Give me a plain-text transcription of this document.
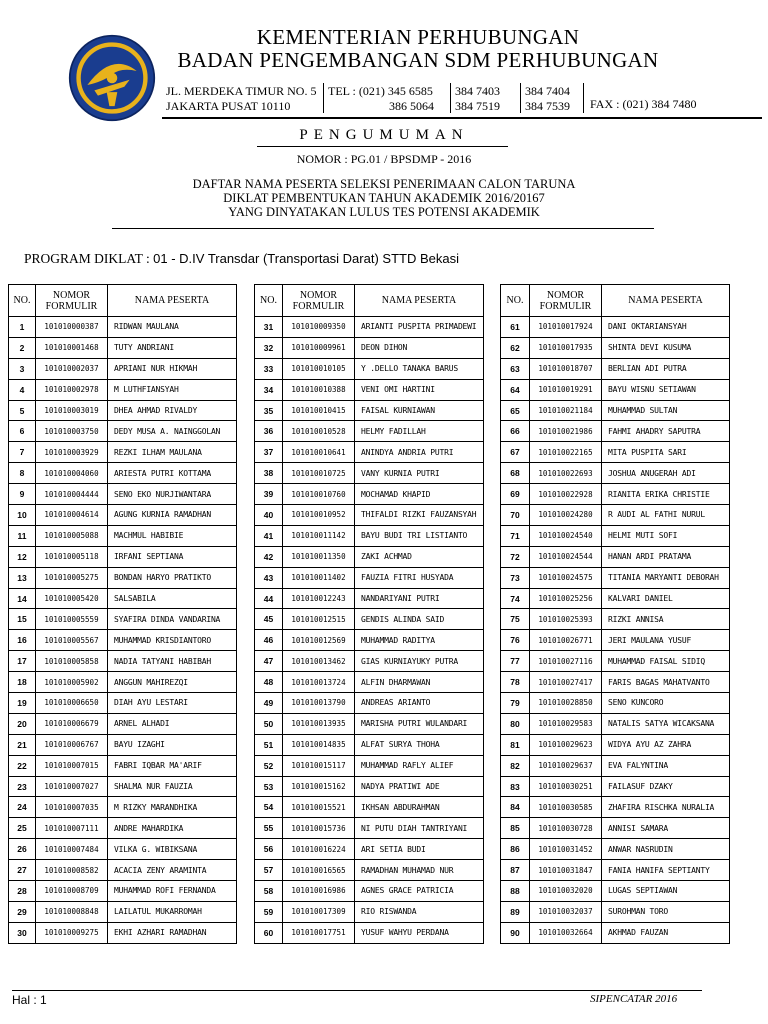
KEMENTERIAN PERHUBUNGAN
BADAN PENGEMBANGAN SDM PERHUBUNGAN
JL. MERDEKA TIMUR NO. 5
JAKARTA PUSAT 10110
TEL : (021) 345 6585
386 5064
384 7403
384 7519
384 7404
384 7539 FAX : (021) 384 7480
PENGUMUMAN
NOMOR : PG.01 / BPSDMP - 2016
DAFTAR NAMA PESERTA SELEKSI PENERIMAAN CALON TARUNA
DIKLAT PEMBENTUKAN TAHUN AKADEMIK 2016/20167
YANG DINYATAKAN LULUS TES POTENSI AKADEMIK
PROGRAM DIKLAT : 01 - D.IV Transdar (Transportasi Darat) STTD Bekasi
NO.	NOMOR
FORMULIR	NAMA PESERTA
1	101010000387	RIDWAN MAULANA
2	101010001468	TUTY ANDRIANI
3	101010002037	APRIANI NUR HIKMAH
4	101010002978	M LUTHFIANSYAH
5	101010003019	DHEA AHMAD RIVALDY
6	101010003750	DEDY MUSA A. NAINGGOLAN
7	101010003929	REZKI ILHAM MAULANA
8	101010004060	ARIESTA PUTRI KOTTAMA
9	101010004444	SENO EKO NURJIWANTARA
10	101010004614	AGUNG KURNIA RAMADHAN
11	101010005088	MACHMUL HABIBIE
12	101010005118	IRFANI SEPTIANA
13	101010005275	BONDAN HARYO PRATIKTO
14	101010005420	SALSABILA
15	101010005559	SYAFIRA DINDA VANDARINA
16	101010005567	MUHAMMAD KRISDIANTORO
17	101010005858	NADIA TATYANI HABIBAH
18	101010005902	ANGGUN MAHIREZQI
19	101010006650	DIAH AYU LESTARI
20	101010006679	ARNEL ALHADI
21	101010006767	BAYU IZAGHI
22	101010007015	FABRI IQBAR MA'ARIF
23	101010007027	SHALMA NUR FAUZIA
24	101010007035	M RIZKY MARANDHIKA
25	101010007111	ANDRE MAHARDIKA
26	101010007484	VILKA G. WIBIKSANA
27	101010008582	ACACIA ZENY ARAMINTA
28	101010008709	MUHAMMAD ROFI FERNANDA
29	101010008848	LAILATUL MUKARROMAH
30	101010009275	EKHI AZHARI RAMADHAN
NO.	NOMOR
FORMULIR	NAMA PESERTA
31	101010009350	ARIANTI PUSPITA PRIMADEWI
32	101010009961	DEON DIHON
33	101010010105	Y .DELLO TANAKA BARUS
34	101010010388	VENI OMI HARTINI
35	101010010415	FAISAL KURNIAWAN
36	101010010528	HELMY FADILLAH
37	101010010641	ANINDYA ANDRIA PUTRI
38	101010010725	VANY KURNIA PUTRI
39	101010010760	MOCHAMAD KHAPID
40	101010010952	THIFALDI RIZKI FAUZANSYAH
41	101010011142	BAYU BUDI TRI LISTIANTO
42	101010011350	ZAKI ACHMAD
43	101010011402	FAUZIA FITRI HUSYADA
44	101010012243	NANDARIYANI PUTRI
45	101010012515	GENDIS ALINDA SAID
46	101010012569	MUHAMMAD RADITYA
47	101010013462	GIAS KURNIAYUKY PUTRA
48	101010013724	ALFIN DHARMAWAN
49	101010013790	ANDREAS ARIANTO
50	101010013935	MARISHA PUTRI WULANDARI
51	101010014835	ALFAT SURYA THOHA
52	101010015117	MUHAMMAD RAFLY ALIEF
53	101010015162	NADYA PRATIWI ADE
54	101010015521	IKHSAN ABDURAHMAN
55	101010015736	NI PUTU DIAH TANTRIYANI
56	101010016224	ARI SETIA BUDI
57	101010016565	RAMADHAN MUHAMAD NUR
58	101010016986	AGNES GRACE PATRICIA
59	101010017309	RIO RISWANDA
60	101010017751	YUSUF WAHYU PERDANA
NO.	NOMOR
FORMULIR	NAMA PESERTA
61	101010017924	DANI OKTARIANSYAH
62	101010017935	SHINTA DEVI KUSUMA
63	101010018707	BERLIAN ADI PUTRA
64	101010019291	BAYU WISNU SETIAWAN
65	101010021184	MUHAMMAD SULTAN
66	101010021986	FAHMI AHADRY SAPUTRA
67	101010022165	MITA PUSPITA SARI
68	101010022693	JOSHUA ANUGERAH ADI
69	101010022928	RIANITA ERIKA CHRISTIE
70	101010024280	R AUDI AL FATHI NURUL
71	101010024540	HELMI MUTI SOFI
72	101010024544	HANAN ARDI PRATAMA
73	101010024575	TITANIA MARYANTI DEBORAH
74	101010025256	KALVARI DANIEL
75	101010025393	RIZKI ANNISA
76	101010026771	JERI MAULANA YUSUF
77	101010027116	MUHAMMAD FAISAL SIDIQ
78	101010027417	FARIS BAGAS MAHATVANTO
79	101010028850	SENO KUNCORO
80	101010029583	NATALIS SATYA WICAKSANA
81	101010029623	WIDYA AYU AZ ZAHRA
82	101010029637	EVA FALYNTINA
83	101010030251	FAILASUF DZAKY
84	101010030585	ZHAFIRA RISCHKA NURALIA
85	101010030728	ANNISI SAMARA
86	101010031452	ANWAR NASRUDIN
87	101010031847	FANIA HANIFA SEPTIANTY
88	101010032020	LUGAS SEPTIAWAN
89	101010032037	SUROHMAN TORO
90	101010032664	AKHMAD FAUZAN
Hal : 1	SIPENCATAR 2016
